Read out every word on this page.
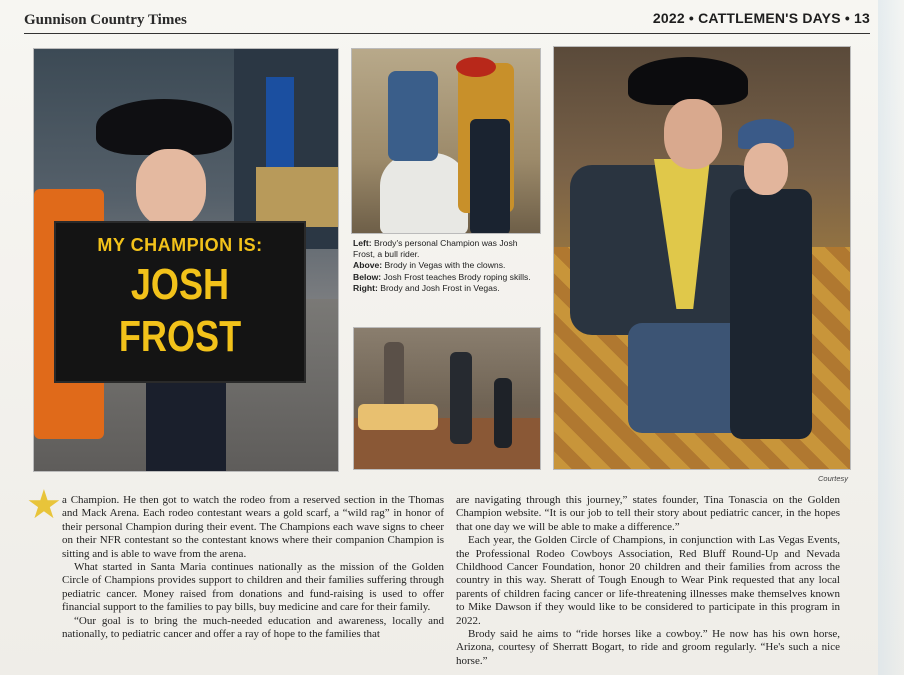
Gunnison Country Times	2022 • CATTLEMEN'S DAYS • 13
MY CHAMPION IS:
JOSH
FROST
Left: Brody's personal Champion was Josh Frost, a bull rider.
Above: Brody in Vegas with the clowns.
Below: Josh Frost teaches Brody roping skills.
Right: Brody and Josh Frost in Vegas.
Courtesy
★ a Champion. He then got to watch the rodeo from a reserved section in the Thomas and Mack Arena. Each rodeo contestant wears a gold scarf, a “wild rag” in honor of their personal Champion during their event. The Champions each wave signs to cheer on their NFR contestant so the contestant knows where their companion Champion is sitting and is able to wave from the arena.

What started in Santa Maria continues nationally as the mission of the Golden Circle of Champions provides support to children and their families suffering through pediatric cancer. Money raised from donations and fund-raising is used to offer financial support to the families to pay bills, buy medicine and care for their family.

“Our goal is to bring the much-needed education and awareness, locally and nationally, to pediatric cancer and offer a ray of hope to the families that

are navigating through this journey,” states founder, Tina Tonascia on the Golden Champion website. “It is our job to tell their story about pediatric cancer, in the hopes that one day we will be able to make a difference.”

Each year, the Golden Circle of Champions, in conjunction with Las Vegas Events, the Professional Rodeo Cowboys Association, Red Bluff Round-Up and Nevada Childhood Cancer Foundation, honor 20 children and their families from across the country in this way. Sheratt of Tough Enough to Wear Pink requested that any local parents of children facing cancer or life-threatening illnesses make themselves known to Mike Dawson if they would like to be considered to participate in this program in 2022.

Brody said he aims to “ride horses like a cowboy.” He now has his own horse, Arizona, courtesy of Sherratt Bogart, to ride and groom regularly. “He's such a nice horse.”
